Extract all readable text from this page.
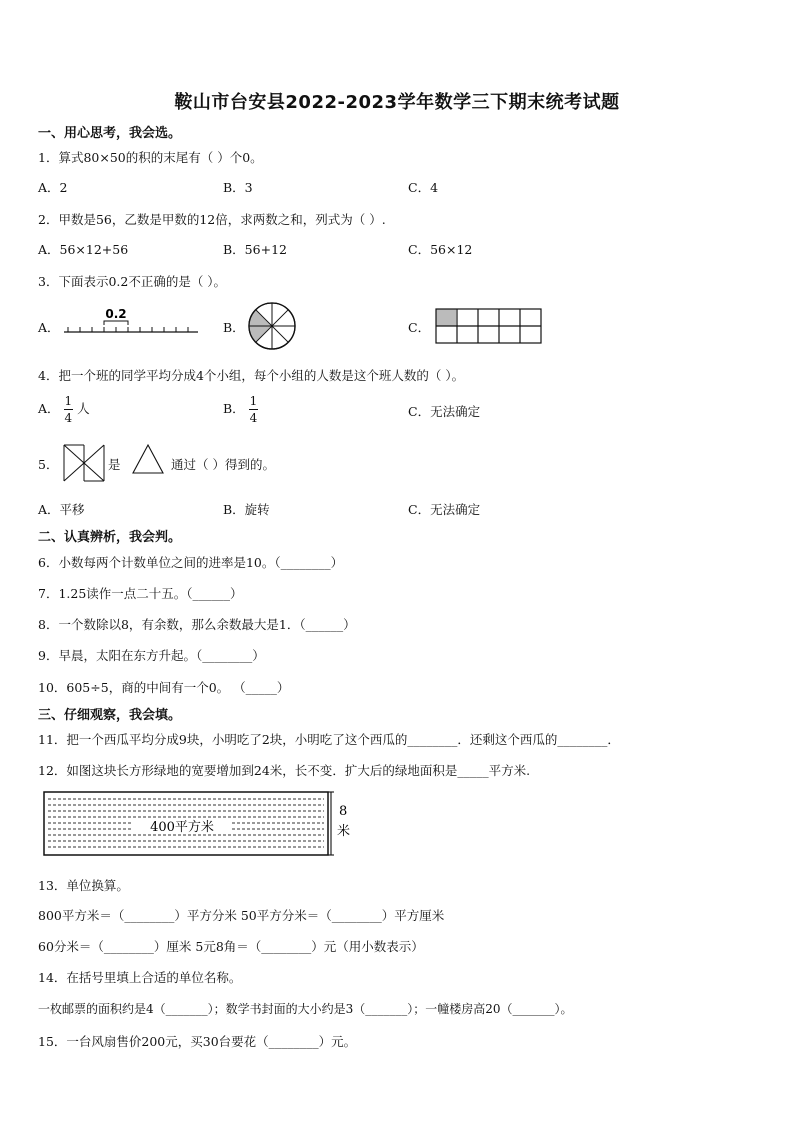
鞍山市台安县2022-2023学年数学三下期末统考试题
一、用心思考，我会选。
1．算式80×50的积的末尾有（ ）个0。
A．2	B．3	C．4
2．甲数是56，乙数是甲数的12倍，求两数之和，列式为（ ）.
A．56×12+56	B．56+12	C．56×12
3．下面表示0.2不正确的是（ ）。
A．
0.2
B．	C．
4．把一个班的同学平均分成4个小组，每个小组的人数是这个班人数的（ ）。
A． $\frac{1}{4}$ 人	B． $\frac{1}{4}$	C．无法确定
5．	是	通过（ ）得到的。
A．平移	B．旋转	C．无法确定
二、认真辨析，我会判。
6．小数每两个计数单位之间的进率是10。（________）
7．1.25读作一点二十五。（______）
8．一个数除以8，有余数，那么余数最大是1．（______）
9．早晨，太阳在东方升起。（________）
10．605÷5，商的中间有一个0。 （_____）
三、仔细观察，我会填。
11．把一个西瓜平均分成9块，小明吃了2块，小明吃了这个西瓜的________．还剩这个西瓜的________．
12．如图这块长方形绿地的宽要增加到24米，长不变．扩大后的绿地面积是_____平方米.
400平方米
8
米
13．单位换算。
800平方米＝（________）平方分米 50平方分米＝（________）平方厘米
60分米＝（________）厘米 5元8角＝（________）元（用小数表示）
14．在括号里填上合适的单位名称。
一枚邮票的面积约是4（_______）；数学书封面的大小约是3（_______）；一幢楼房高20（_______）。
15．一台风扇售价200元，买30台要花（________）元。
